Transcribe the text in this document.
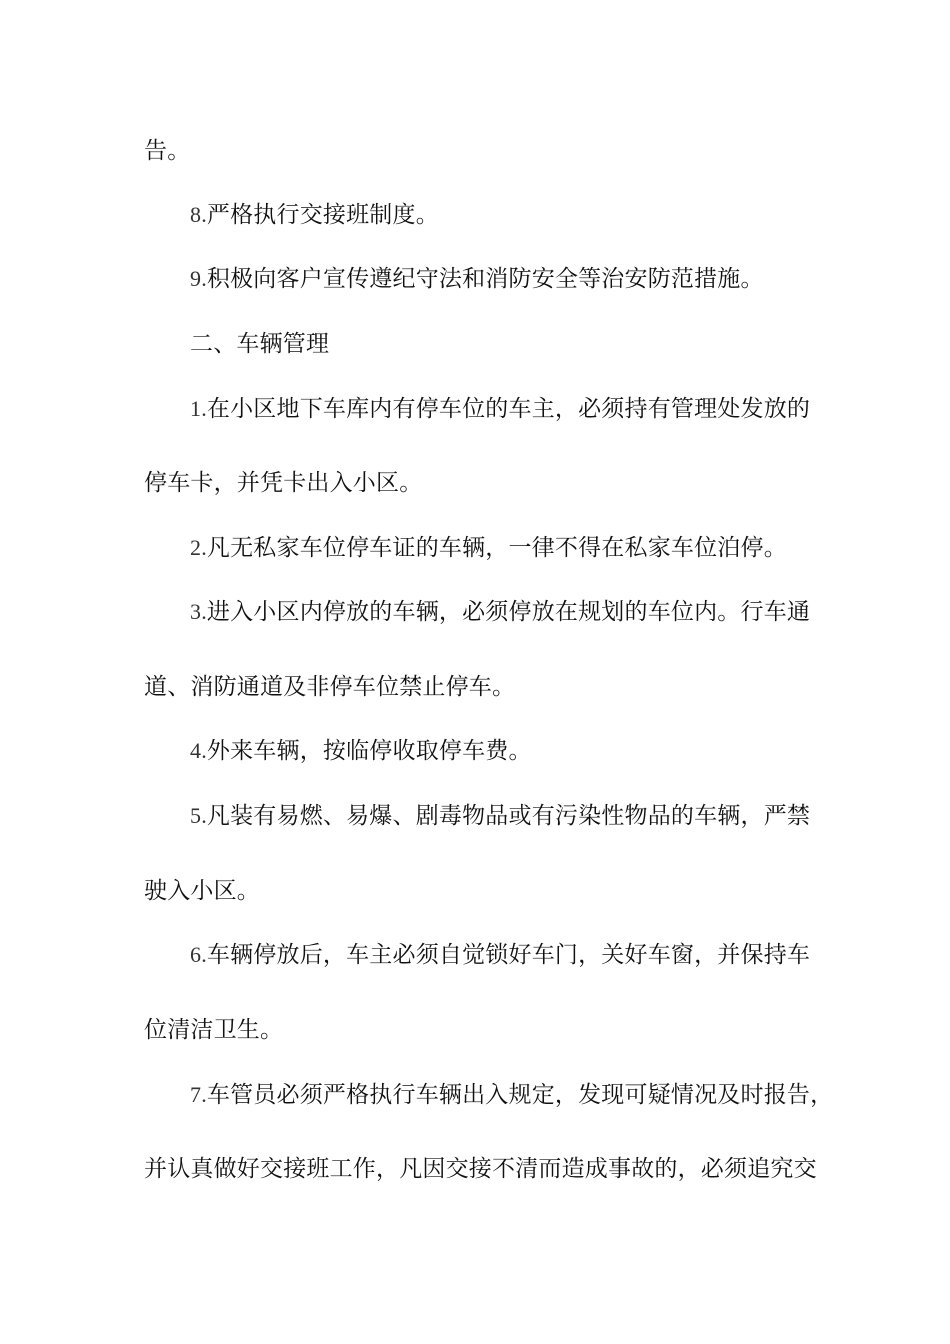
告。
8.严格执行交接班制度。
9.积极向客户宣传遵纪守法和消防安全等治安防范措施。
二、车辆管理
1.在小区地下车库内有停车位的车主，必须持有管理处发放的
停车卡，并凭卡出入小区。
2.凡无私家车位停车证的车辆，一律不得在私家车位泊停。
3.进入小区内停放的车辆，必须停放在规划的车位内。行车通
道、消防通道及非停车位禁止停车。
4.外来车辆，按临停收取停车费。
5.凡装有易燃、易爆、剧毒物品或有污染性物品的车辆，严禁
驶入小区。
6.车辆停放后，车主必须自觉锁好车门，关好车窗，并保持车
位清洁卫生。
7.车管员必须严格执行车辆出入规定，发现可疑情况及时报告，
并认真做好交接班工作，凡因交接不清而造成事故的，必须追究交
